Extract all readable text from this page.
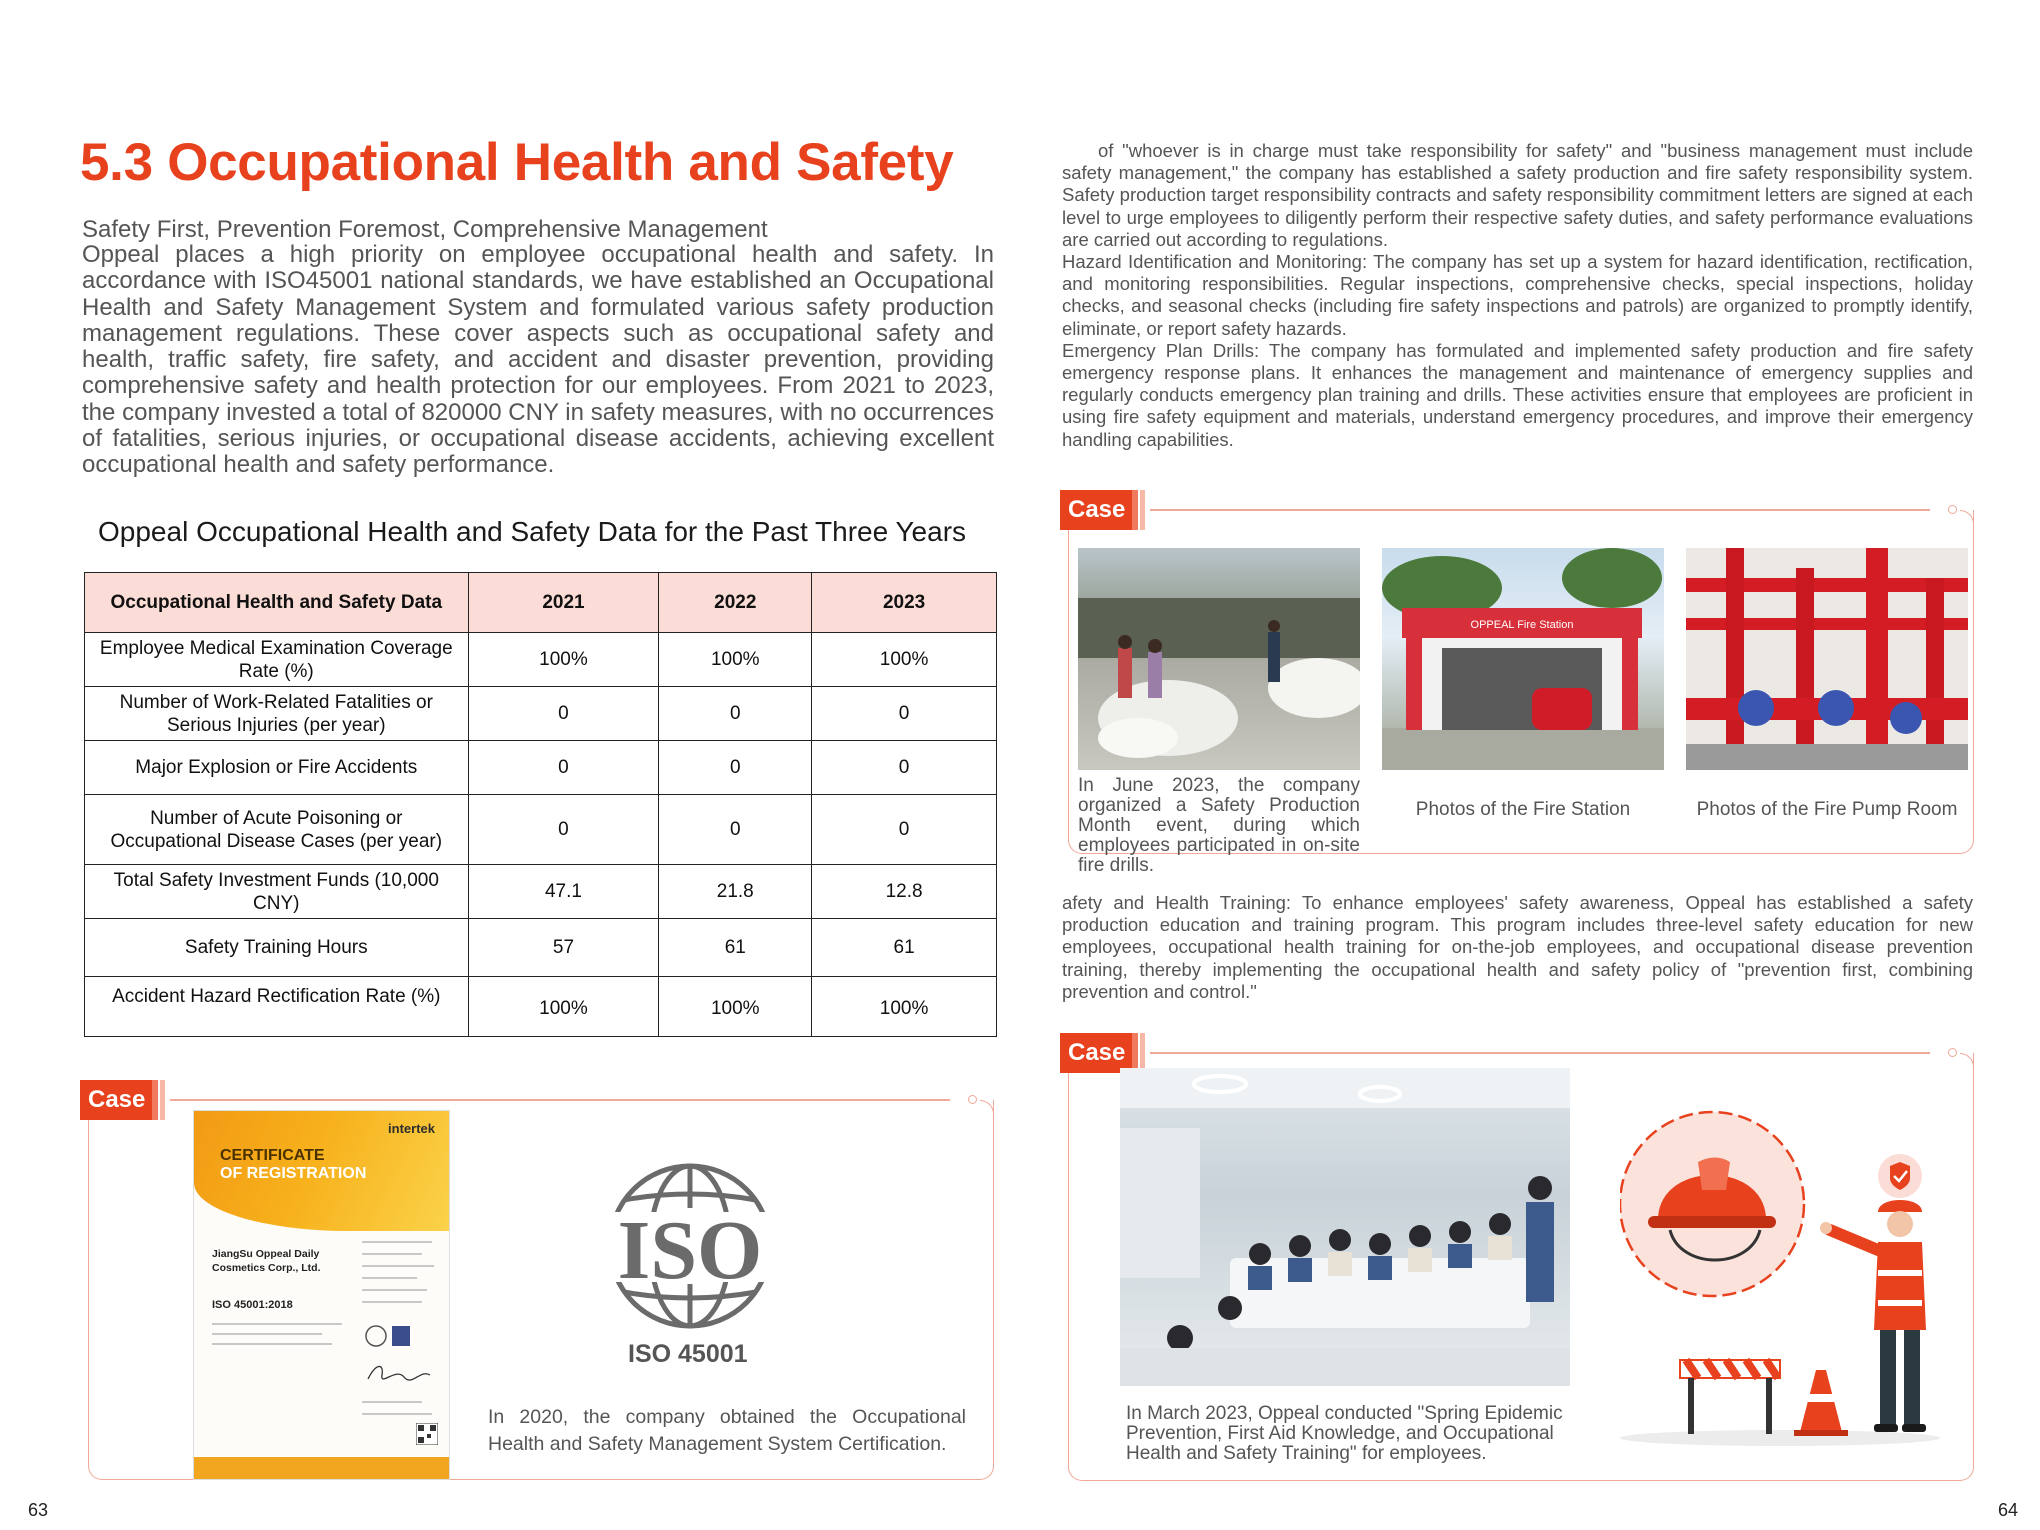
5.3 Occupational Health and Safety
Safety First, Prevention Foremost, Comprehensive Management
Oppeal places a high priority on employee occupational health and safety. In accordance with ISO45001 national standards, we have established an Occupational Health and Safety Management System and formulated various safety production management regulations. These cover aspects such as occupational safety and health, traffic safety, fire safety, and accident and disaster prevention, providing comprehensive safety and health protection for our employees. From 2021 to 2023, the company invested a total of 820000 CNY in safety measures, with no occurrences of fatalities, serious injuries, or occupational disease accidents, achieving excellent occupational health and safety performance.
Oppeal Occupational Health and Safety Data for the Past Three Years
Occupational Health and Safety Data	2021	2022	2023
Employee Medical Examination Coverage Rate (%)	100%	100%	100%
Number of Work-Related Fatalities or Serious Injuries (per year)	0	0	0
Major Explosion or Fire Accidents	0	0	0
Number of Acute Poisoning or Occupational Disease Cases (per year)	0	0	0
Total Safety Investment Funds (10,000 CNY)	47.1	21.8	12.8
Safety Training Hours	57	61	61
Accident Hazard Rectification Rate (%)	100%	100%	100%
Case
intertek
CERTIFICATE
OF REGISTRATION
JiangSu Oppeal Daily Cosmetics Corp., Ltd.
ISO 45001:2018
ISO
ISO 45001
In 2020, the company obtained the Occupational Health and Safety Management System Certification.
63

of "whoever is in charge must take responsibility for safety" and "business management must include safety management," the company has established a safety production and fire safety responsibility system. Safety production target responsibility contracts and safety responsibility commitment letters are signed at each level to urge employees to diligently perform their respective safety duties, and safety performance evaluations are carried out according to regulations.

Hazard Identification and Monitoring: The company has set up a system for hazard identification, rectification, and monitoring responsibilities. Regular inspections, comprehensive checks, special inspections, holiday checks, and seasonal checks (including fire safety inspections and patrols) are organized to promptly identify, eliminate, or report safety hazards.

Emergency Plan Drills: The company has formulated and implemented safety production and fire safety emergency response plans. It enhances the management and maintenance of emergency supplies and regularly conducts emergency plan training and drills. These activities ensure that employees are proficient in using fire safety equipment and materials, understand emergency procedures, and improve their emergency handling capabilities.

Case
OPPEAL Fire Station
In June 2023, the company organized a Safety Production Month event, during which employees participated in on-site fire drills.
Photos of the Fire Station	Photos of the Fire Pump Room
afety and Health Training: To enhance employees' safety awareness, Oppeal has established a safety production education and training program. This program includes three-level safety education for new employees, occupational health training for on-the-job employees, and occupational disease prevention training, thereby implementing the occupational health and safety policy of "prevention first, combining prevention and control."
Case
In March 2023, Oppeal conducted "Spring Epidemic Prevention, First Aid Knowledge, and Occupational Health and Safety Training" for employees.
64
